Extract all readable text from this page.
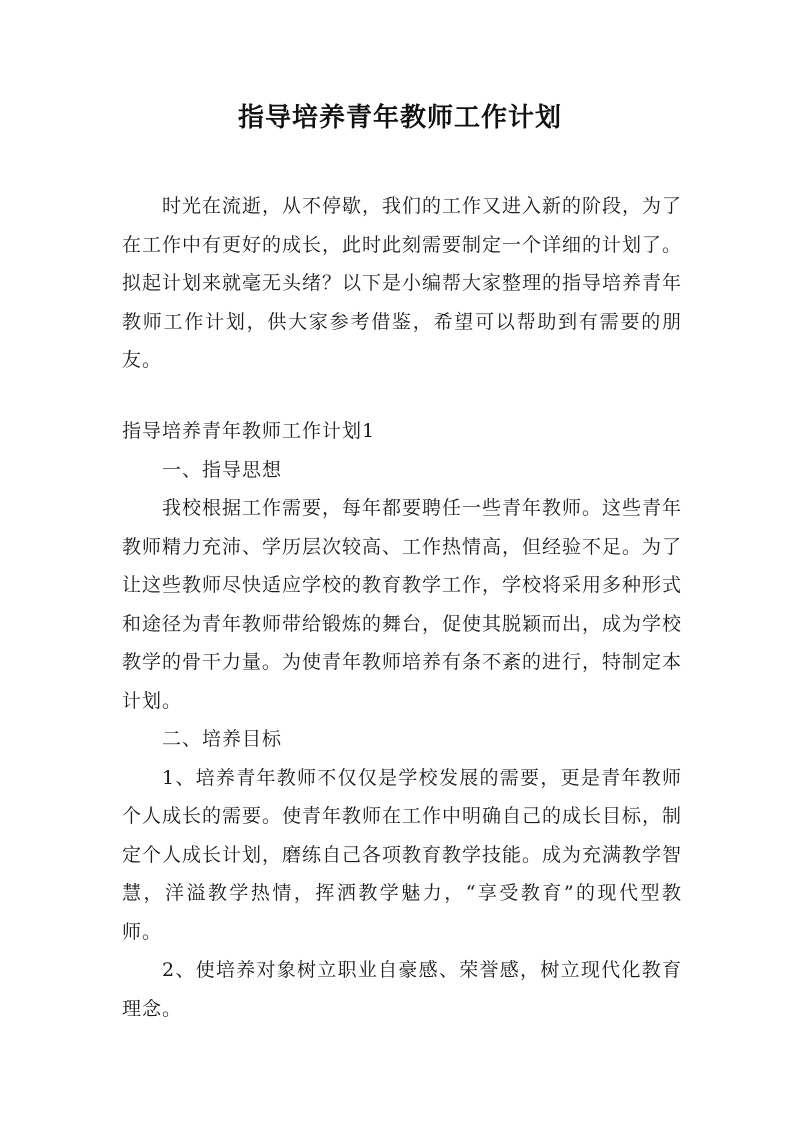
指导培养青年教师工作计划

时光在流逝，从不停歇，我们的工作又进入新的阶段，为了在工作中有更好的成长，此时此刻需要制定一个详细的计划了。拟起计划来就毫无头绪？以下是小编帮大家整理的指导培养青年教师工作计划，供大家参考借鉴，希望可以帮助到有需要的朋友。

指导培养青年教师工作计划1

一、指导思想

我校根据工作需要，每年都要聘任一些青年教师。这些青年教师精力充沛、学历层次较高、工作热情高，但经验不足。为了让这些教师尽快适应学校的教育教学工作，学校将采用多种形式和途径为青年教师带给锻炼的舞台，促使其脱颖而出，成为学校教学的骨干力量。为使青年教师培养有条不紊的进行，特制定本计划。

二、培养目标

1、培养青年教师不仅仅是学校发展的需要，更是青年教师个人成长的需要。使青年教师在工作中明确自己的成长目标，制定个人成长计划，磨练自己各项教育教学技能。成为充满教学智慧，洋溢教学热情，挥洒教学魅力，“享受教育”的现代型教师。

2、使培养对象树立职业自豪感、荣誉感，树立现代化教育理念。
